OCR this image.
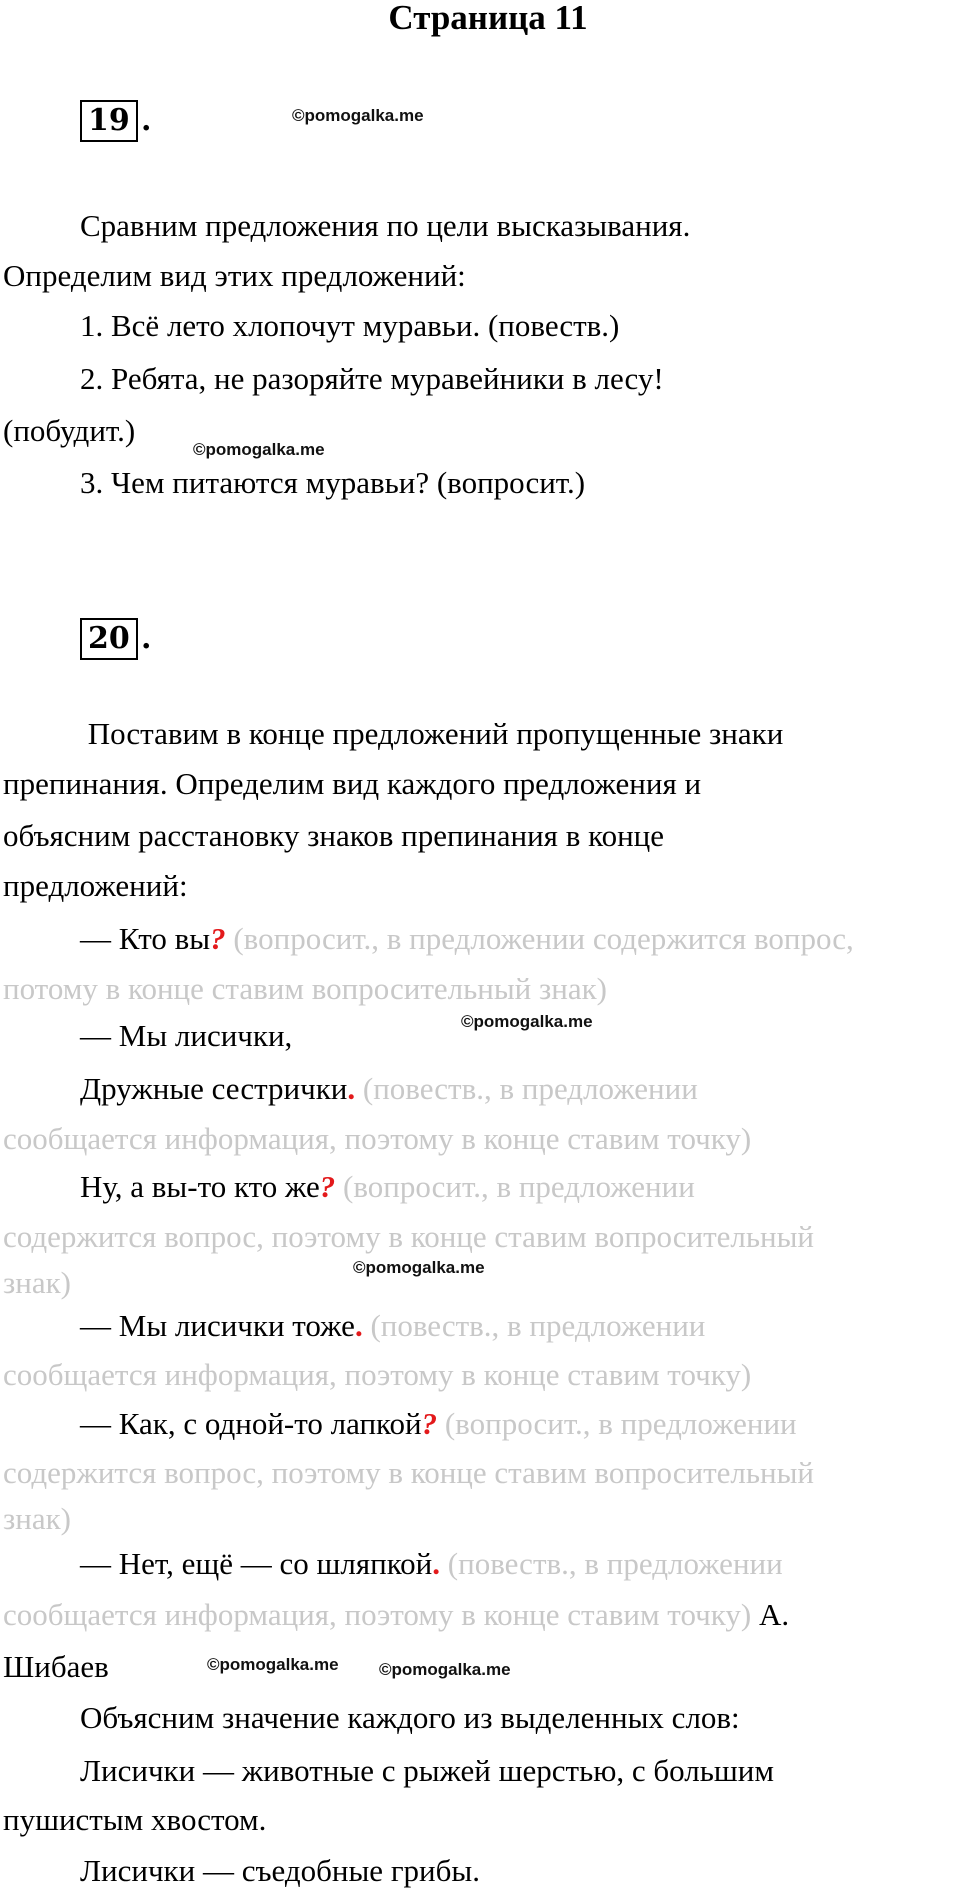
Страница 11
19 .	©pomogalka.me
Сравним предложения по цели высказывания.
Определим вид этих предложений:
1. Всё лето хлопочут муравьи. (повеств.)
2. Ребята, не разоряйте муравейники в лесу!
(побудит.)
©pomogalka.me
3. Чем питаются муравьи? (вопросит.)
20 .
Поставим в конце предложений пропущенные знаки
препинания. Определим вид каждого предложения и
объясним расстановку знаков препинания в конце
предложений:
— Кто вы? (вопросит., в предложении содержится вопрос,
потому в конце ставим вопросительный знак)
— Мы лисички,	©pomogalka.me
Дружные сестрички. (повеств., в предложении
сообщается информация, поэтому в конце ставим точку)
Ну, а вы-то кто же? (вопросит., в предложении
содержится вопрос, поэтому в конце ставим вопросительный
знак)	©pomogalka.me
— Мы лисички тоже. (повеств., в предложении
сообщается информация, поэтому в конце ставим точку)
— Как, с одной-то лапкой? (вопросит., в предложении
содержится вопрос, поэтому в конце ставим вопросительный
знак)
— Нет, ещё — со шляпкой. (повеств., в предложении
сообщается информация, поэтому в конце ставим точку) А.
Шибаев	©pomogalka.me ©pomogalka.me
Объясним значение каждого из выделенных слов:
Лисички — животные с рыжей шерстью, с большим
пушистым хвостом.
Лисички — съедобные грибы.
